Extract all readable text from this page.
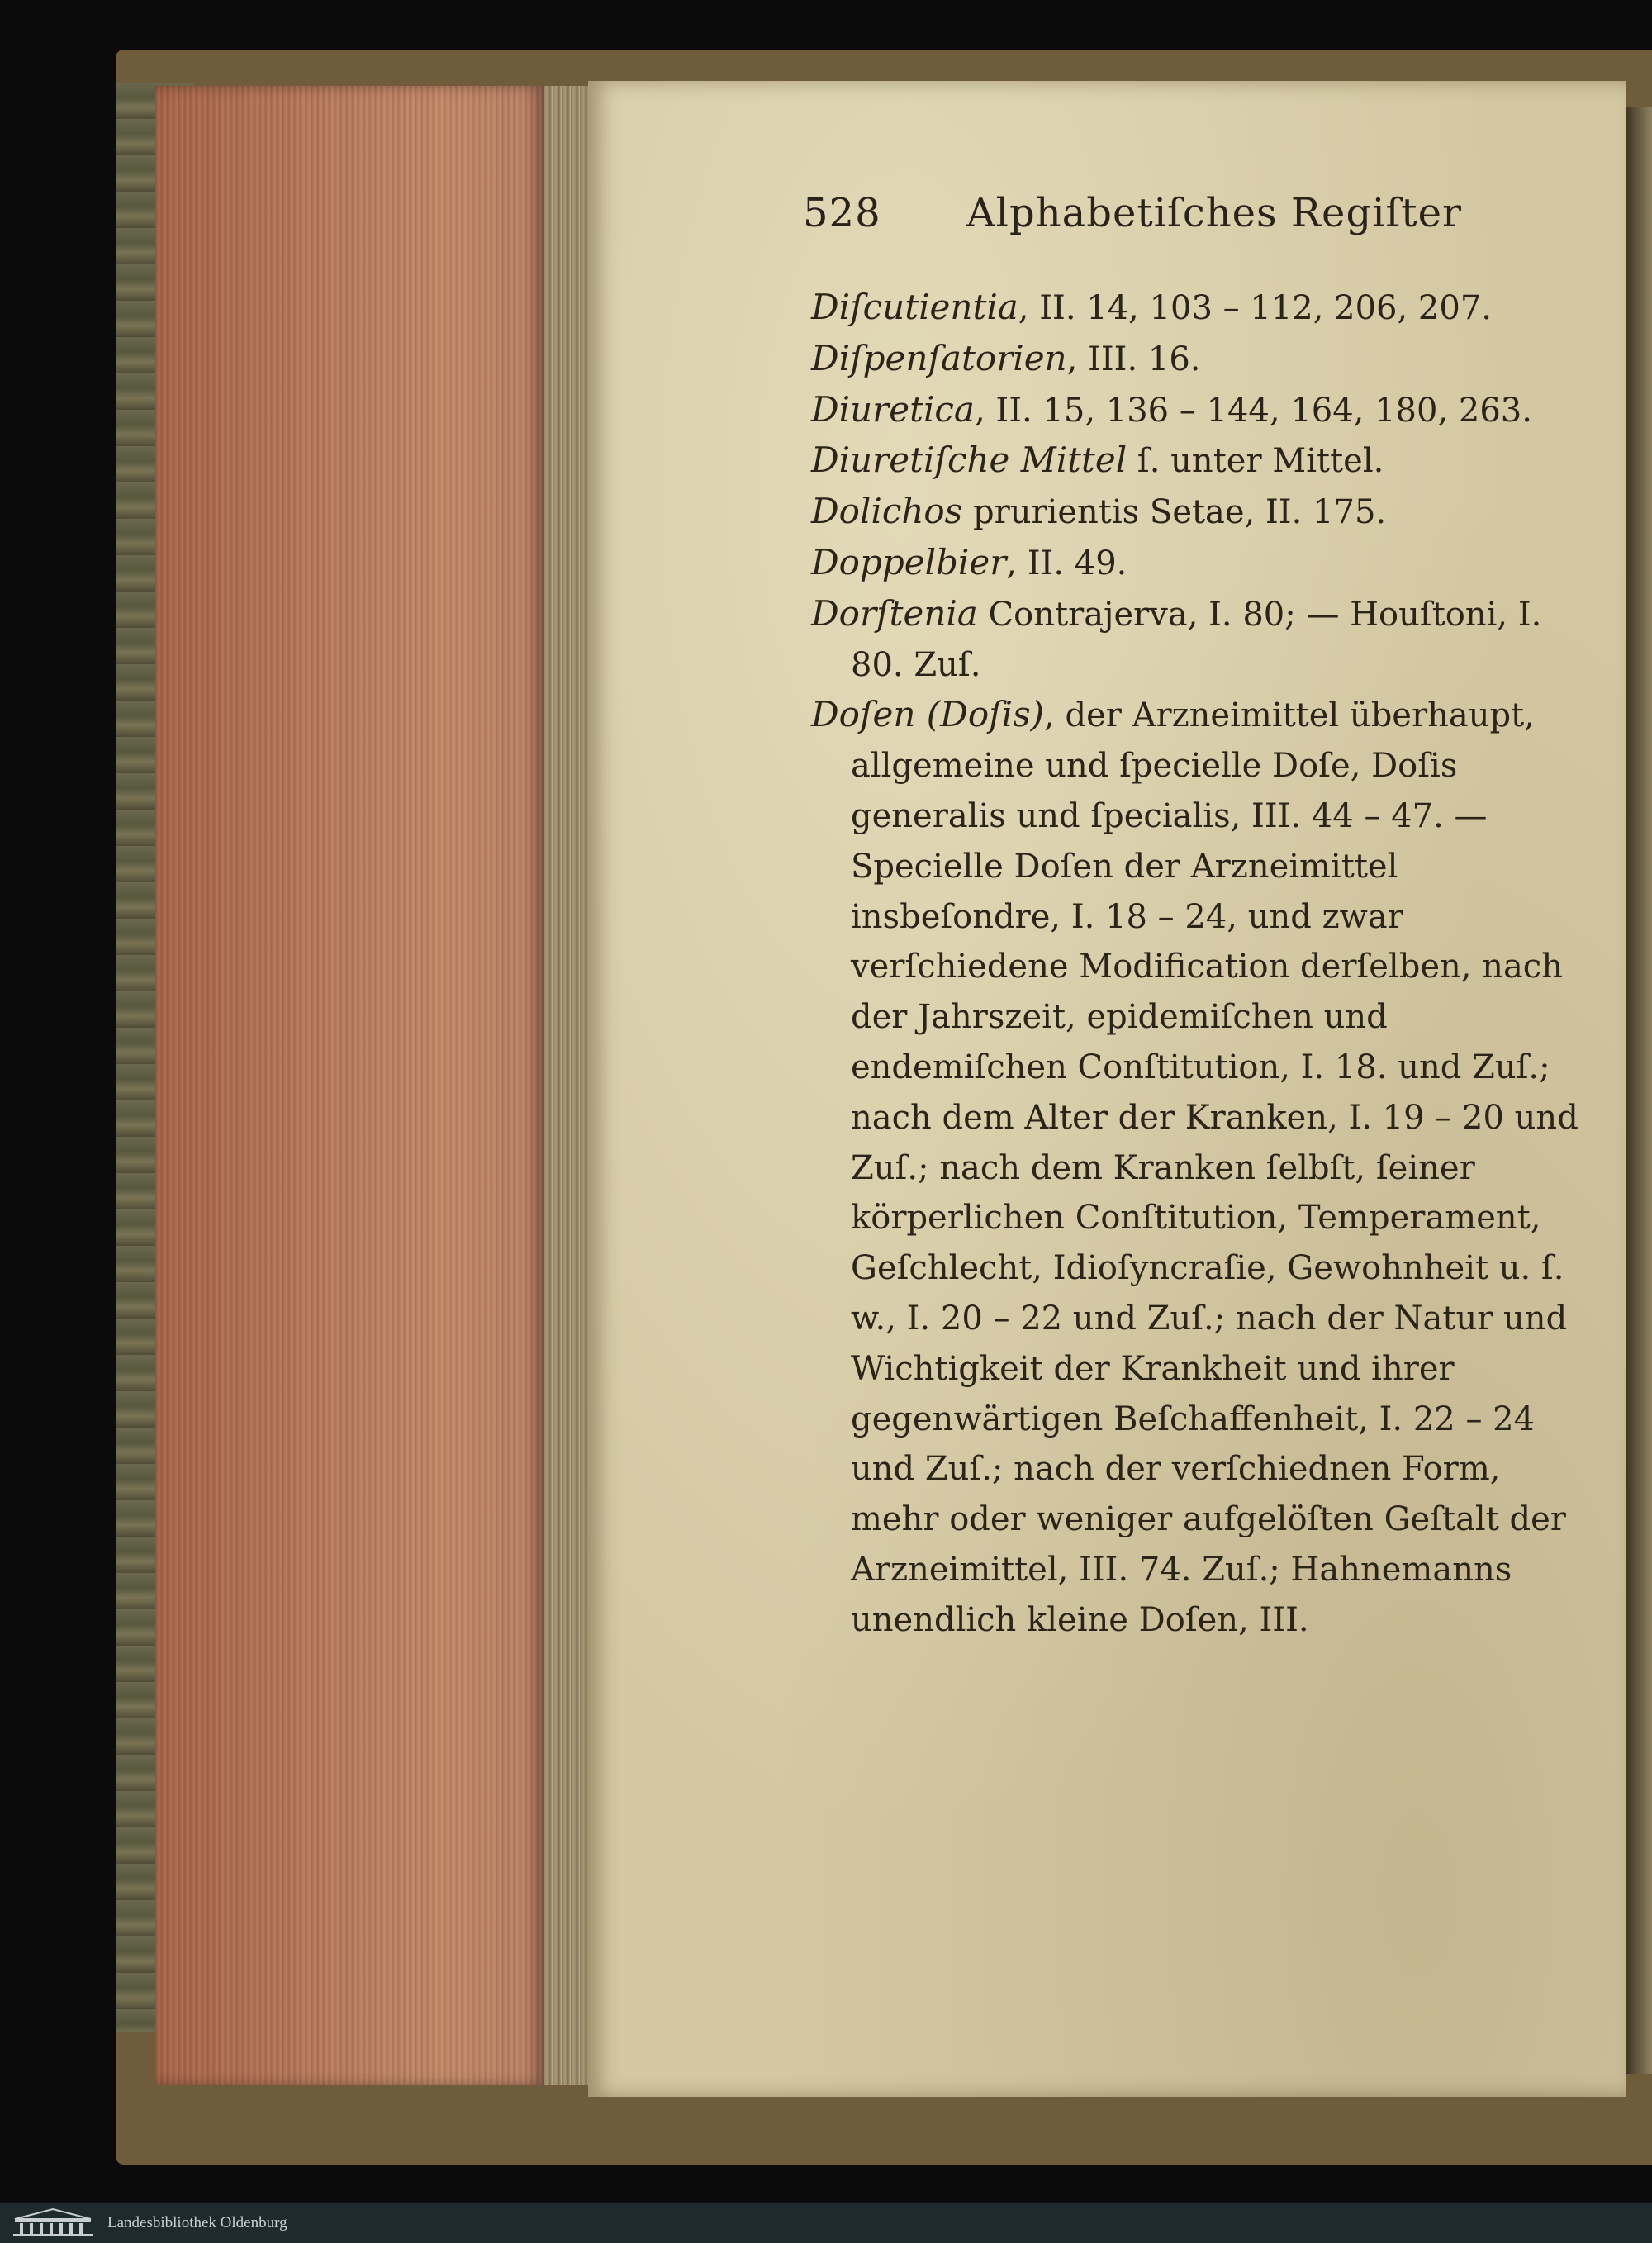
528 Alphabetiſches Regiſter

Diſcutientia, II. 14, 103 – 112, 206, 207.

Diſpenſatorien, III. 16.

Diuretica, II. 15, 136 – 144, 164, 180, 263.

Diuretiſche Mittel ſ. unter Mittel.

Dolichos prurientis Setae, II. 175.

Doppelbier, II. 49.

Dorſtenia Contrajerva, I. 80; — Houſtoni, I. 80. Zuſ.

Doſen (Doſis), der Arzneimittel überhaupt, allgemeine und ſpecielle Doſe, Doſis generalis und ſpecialis, III. 44 – 47. — Specielle Doſen der Arzneimittel insbeſondre, I. 18 – 24, und zwar verſchiedene Modification derſelben, nach der Jahrszeit, epidemiſchen und endemiſchen Conſtitution, I. 18. und Zuſ.; nach dem Alter der Kranken, I. 19 – 20 und Zuſ.; nach dem Kranken ſelbſt, ſeiner körperlichen Conſtitution, Temperament, Geſchlecht, Idioſyncraſie, Gewohnheit u. ſ. w., I. 20 – 22 und Zuſ.; nach der Natur und Wichtigkeit der Krankheit und ihrer gegenwärtigen Beſchaffenheit, I. 22 – 24 und Zuſ.; nach der verſchiednen Form, mehr oder weniger aufgelöſten Geſtalt der Arzneimittel, III. 74. Zuſ.; Hahnemanns unendlich kleine Doſen, III.

Landesbibliothek Oldenburg
